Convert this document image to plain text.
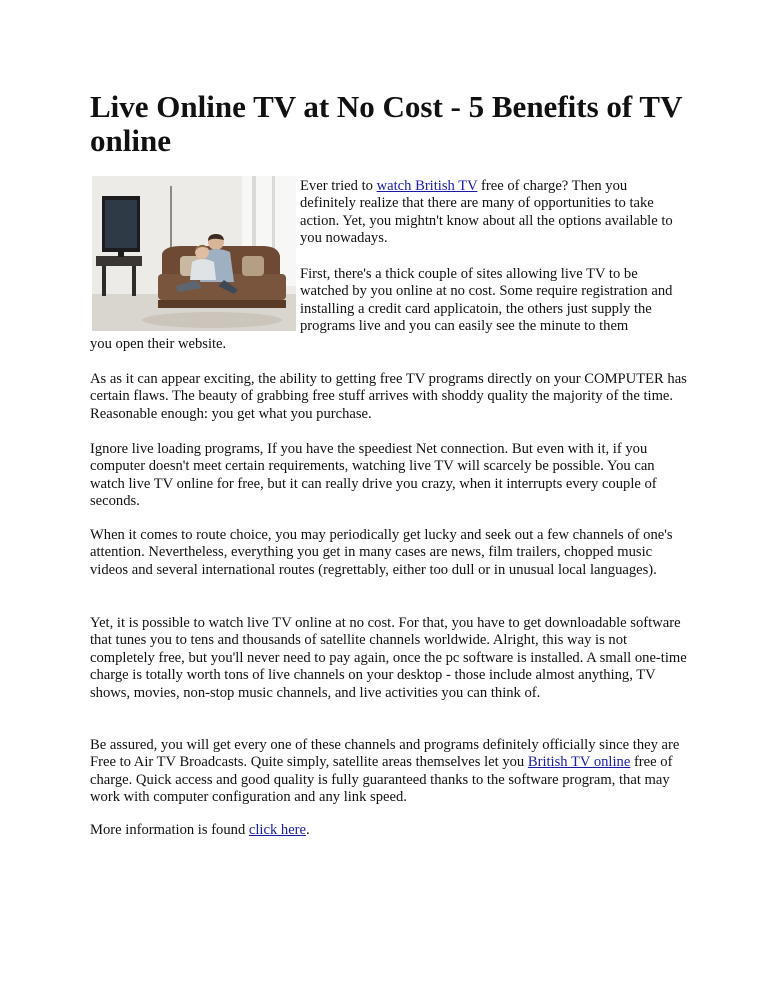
Live Online TV at No Cost - 5 Benefits of TV online

Ever tried to watch British TV free of charge? Then you definitely realize that there are many of opportunities to take action. Yet, you mightn't know about all the options available to you nowadays.

First, there's a thick couple of sites allowing live TV to be watched by you online at no cost. Some require registration and installing a credit card applicatoin, the others just supply the programs live and you can easily see the minute to them

you open their website.

As as it can appear exciting, the ability to getting free TV programs directly on your COMPUTER has certain flaws. The beauty of grabbing free stuff arrives with shoddy quality the majority of the time. Reasonable enough: you get what you purchase.

Ignore live loading programs, If you have the speediest Net connection. But even with it, if you computer doesn't meet certain requirements, watching live TV will scarcely be possible. You can watch live TV online for free, but it can really drive you crazy, when it interrupts every couple of seconds.

When it comes to route choice, you may periodically get lucky and seek out a few channels of one's attention. Nevertheless, everything you get in many cases are news, film trailers, chopped music videos and several international routes (regrettably, either too dull or in unusual local languages).

Yet, it is possible to watch live TV online at no cost. For that, you have to get downloadable software that tunes you to tens and thousands of satellite channels worldwide. Alright, this way is not completely free, but you'll never need to pay again, once the pc software is installed. A small one-time charge is totally worth tons of live channels on your desktop - those include almost anything, TV shows, movies, non-stop music channels, and live activities you can think of.

Be assured, you will get every one of these channels and programs definitely officially since they are Free to Air TV Broadcasts. Quite simply, satellite areas themselves let you British TV online free of charge. Quick access and good quality is fully guaranteed thanks to the software program, that may work with computer configuration and any link speed.

More information is found click here.
